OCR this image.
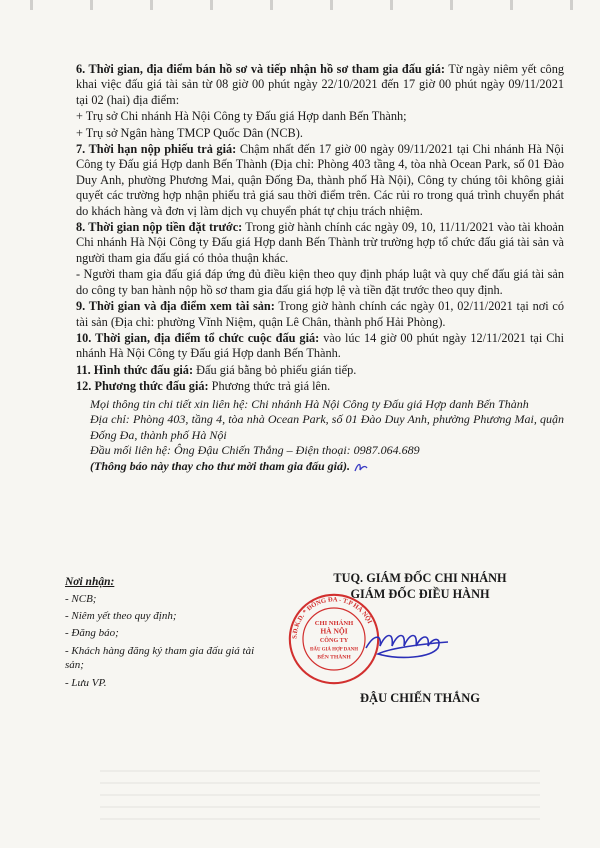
6. Thời gian, địa điểm bán hồ sơ và tiếp nhận hồ sơ tham gia đấu giá: Từ ngày niêm yết công khai việc đấu giá tài sản từ 08 giờ 00 phút ngày 22/10/2021 đến 17 giờ 00 phút ngày 09/11/2021 tại 02 (hai) địa điểm:

+ Trụ sở Chi nhánh Hà Nội Công ty Đấu giá Hợp danh Bến Thành;

+ Trụ sở Ngân hàng TMCP Quốc Dân (NCB).

7. Thời hạn nộp phiếu trả giá: Chậm nhất đến 17 giờ 00 ngày 09/11/2021 tại Chi nhánh Hà Nội Công ty Đấu giá Hợp danh Bến Thành (Địa chỉ: Phòng 403 tầng 4, tòa nhà Ocean Park, số 01 Đào Duy Anh, phường Phương Mai, quận Đống Đa, thành phố Hà Nội), Công ty chúng tôi không giải quyết các trường hợp nhận phiếu trả giá sau thời điểm trên. Các rủi ro trong quá trình chuyển phát do khách hàng và đơn vị làm dịch vụ chuyển phát tự chịu trách nhiệm.

8. Thời gian nộp tiền đặt trước: Trong giờ hành chính các ngày 09, 10, 11/11/2021 vào tài khoản Chi nhánh Hà Nội Công ty Đấu giá Hợp danh Bến Thành trừ trường hợp tổ chức đấu giá tài sản và người tham gia đấu giá có thỏa thuận khác.

- Người tham gia đấu giá đáp ứng đủ điều kiện theo quy định pháp luật và quy chế đấu giá tài sản do công ty ban hành nộp hồ sơ tham gia đấu giá hợp lệ và tiền đặt trước theo quy định.

9. Thời gian và địa điểm xem tài sản: Trong giờ hành chính các ngày 01, 02/11/2021 tại nơi có tài sản (Địa chỉ: phường Vĩnh Niệm, quận Lê Chân, thành phố Hải Phòng).

10. Thời gian, địa điểm tổ chức cuộc đấu giá: vào lúc 14 giờ 00 phút ngày 12/11/2021 tại Chi nhánh Hà Nội Công ty Đấu giá Hợp danh Bến Thành.

11. Hình thức đấu giá: Đấu giá bằng bỏ phiếu gián tiếp.

12. Phương thức đấu giá: Phương thức trả giá lên.

Mọi thông tin chi tiết xin liên hệ: Chi nhánh Hà Nội Công ty Đấu giá Hợp danh Bến Thành
Địa chỉ: Phòng 403, tầng 4, tòa nhà Ocean Park, số 01 Đào Duy Anh, phường Phương Mai, quận Đống Đa, thành phố Hà Nội
Đầu mối liên hệ: Ông Đậu Chiến Thắng – Điện thoại: 0987.064.689
(Thông báo này thay cho thư mời tham gia đấu giá).
Nơi nhận:
- NCB;
- Niêm yết theo quy định;
- Đăng báo;
- Khách hàng đăng ký tham gia đấu giá tài sản;
- Lưu VP.
TUQ. GIÁM ĐỐC CHI NHÁNH
GIÁM ĐỐC ĐIỀU HÀNH
S.Đ.K.D. * ĐỐNG ĐA - T.P HÀ NỘI
CHI NHÁNH
HÀ NỘI
CÔNG TY
ĐẤU GIÁ HỢP DANH
BẾN THÀNH
ĐẬU CHIẾN THẮNG
